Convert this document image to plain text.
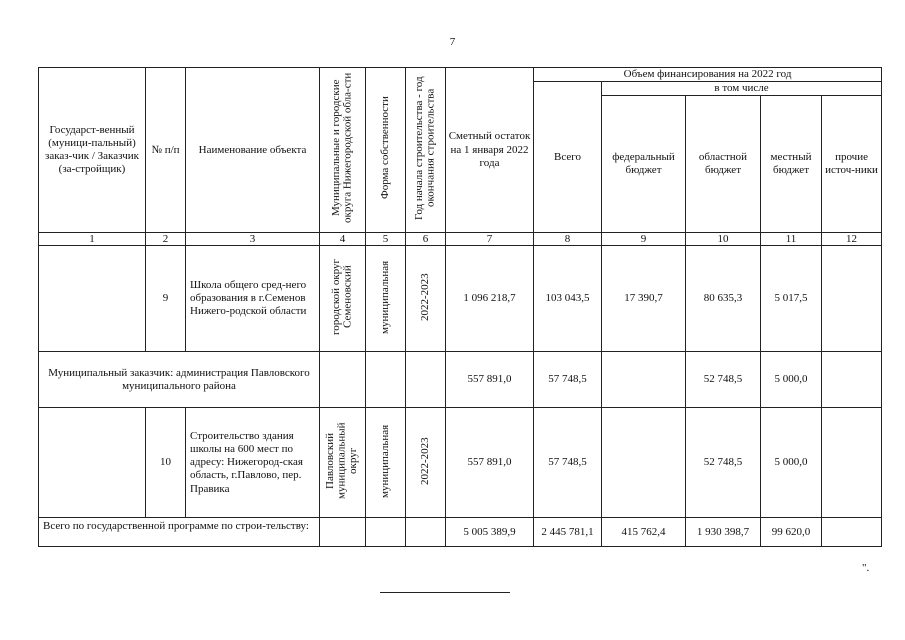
7
Государст-венный (муници-пальный) заказ-чик / Заказчик (за-стройщик)	№ п/п	Наименование объекта	Муниципальные и городские округа Нижегородской обла-сти	Форма собственности	Год начала строительства - год окончания строительства	Сметный остаток на 1 января 2022 года	Объем финансирования на 2022 год				
							Всего	в том числе			
								федеральный бюджет	областной бюджет	местный бюджет	прочие источ-ники
1	2	3	4	5	6	7	8	9	10	11	12
	9	Школа общего сред-него образования в г.Семенов Нижего-родской области	городской округ Семеновский	муниципальная	2022-2023	1 096 218,7	103 043,5	17 390,7	80 635,3	5 017,5	
Муниципальный заказчик: администрация Павловского муниципального района						557 891,0	57 748,5		52 748,5	5 000,0	
	10	Строительство здания школы на 600 мест по адресу: Нижегород-ская область, г.Павлово, пер. Правика	Павловский муниципальный округ	муниципальная	2022-2023	557 891,0	57 748,5		52 748,5	5 000,0	
Всего по государственной программе по строи-тельству:						5 005 389,9	2 445 781,1	415 762,4	1 930 398,7	99 620,0	
".
